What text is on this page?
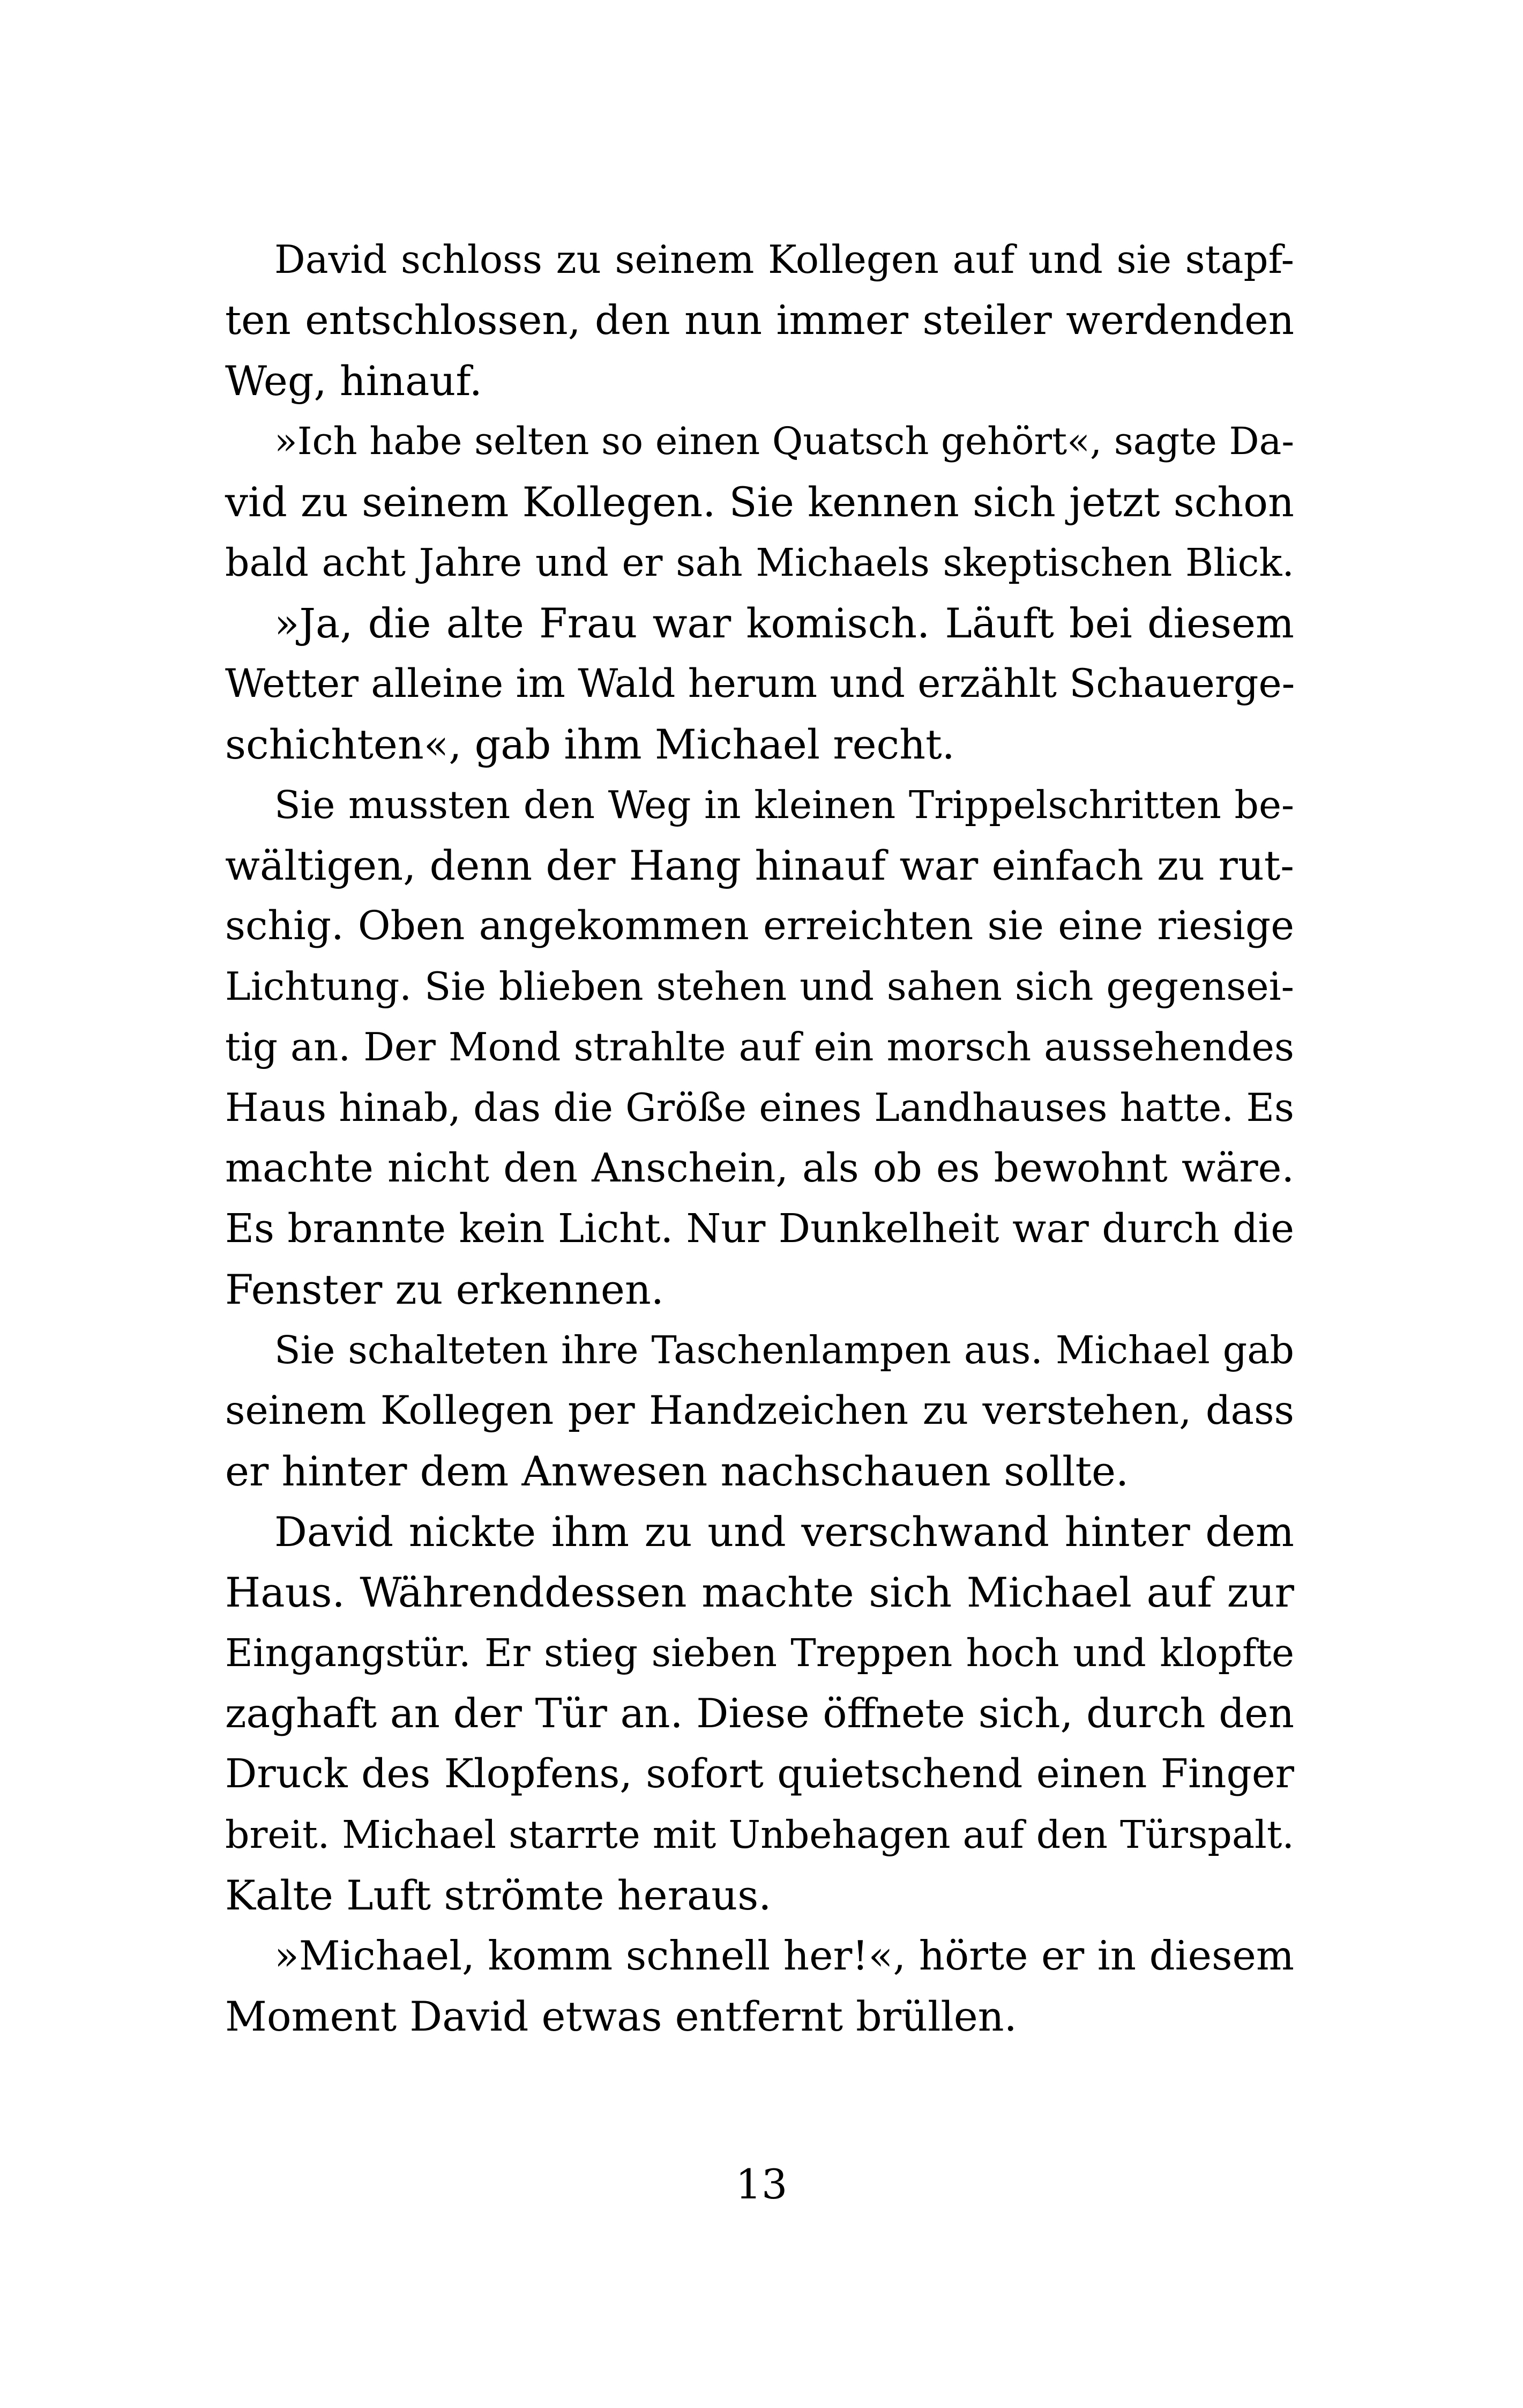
David schloss zu seinem Kollegen auf und sie stapf-
ten entschlossen, den nun immer steiler werdenden
Weg, hinauf.
»Ich habe selten so einen Quatsch gehört«, sagte Da-
vid zu seinem Kollegen. Sie kennen sich jetzt schon
bald acht Jahre und er sah Michaels skeptischen Blick.
»Ja, die alte Frau war komisch. Läuft bei diesem
Wetter alleine im Wald herum und erzählt Schauerge-
schichten«, gab ihm Michael recht.
Sie mussten den Weg in kleinen Trippelschritten be-
wältigen, denn der Hang hinauf war einfach zu rut-
schig. Oben angekommen erreichten sie eine riesige
Lichtung. Sie blieben stehen und sahen sich gegensei-
tig an. Der Mond strahlte auf ein morsch aussehendes
Haus hinab, das die Größe eines Landhauses hatte. Es
machte nicht den Anschein, als ob es bewohnt wäre.
Es brannte kein Licht. Nur Dunkelheit war durch die
Fenster zu erkennen.
Sie schalteten ihre Taschenlampen aus. Michael gab
seinem Kollegen per Handzeichen zu verstehen, dass
er hinter dem Anwesen nachschauen sollte.
David nickte ihm zu und verschwand hinter dem
Haus. Währenddessen machte sich Michael auf zur
Eingangstür. Er stieg sieben Treppen hoch und klopfte
zaghaft an der Tür an. Diese öffnete sich, durch den
Druck des Klopfens, sofort quietschend einen Finger
breit. Michael starrte mit Unbehagen auf den Türspalt.
Kalte Luft strömte heraus.
»Michael, komm schnell her!«, hörte er in diesem
Moment David etwas entfernt brüllen.
13
